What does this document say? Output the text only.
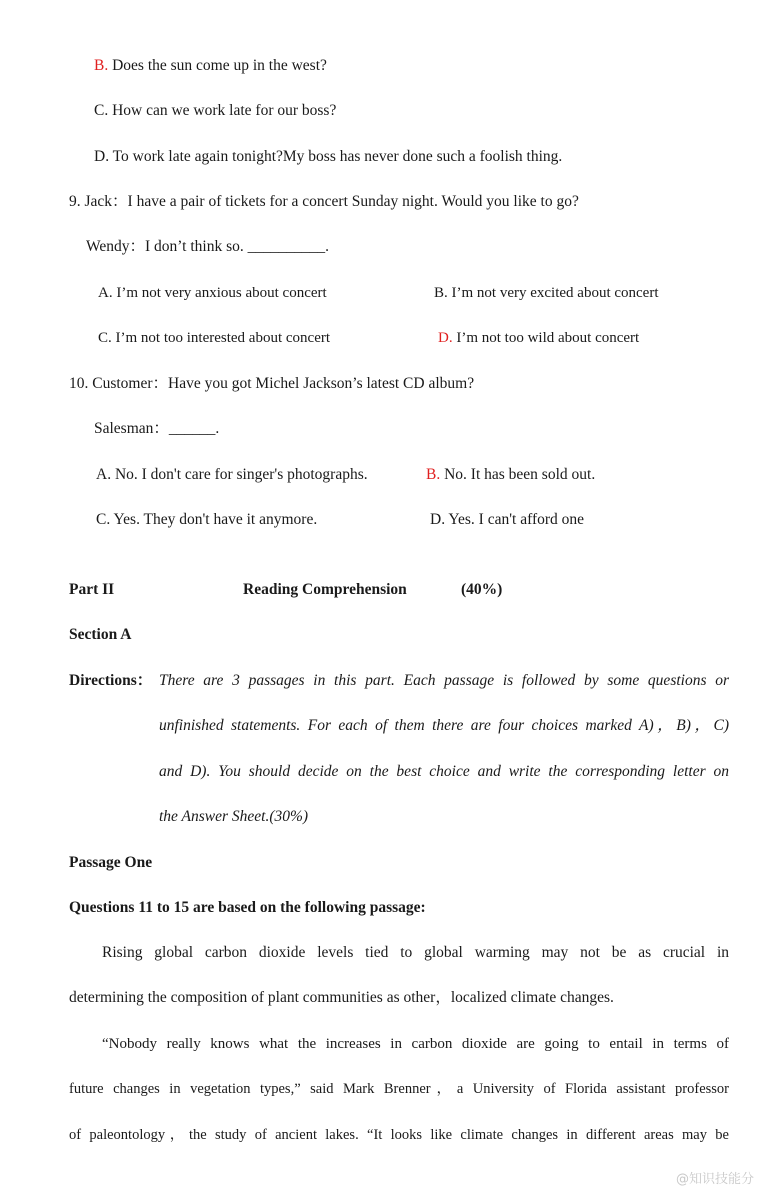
B. Does the sun come up in the west?
C. How can we work late for our boss?
D. To work late again tonight?My boss has never done such a foolish thing.
9. Jack：I have a pair of tickets for a concert Sunday night. Would you like to go?
Wendy：I don’t think so. __________.
A. I’m not very anxious about concert	B. I’m not very excited about concert
C. I’m not too interested about concert	D. I’m not too wild about concert
10. Customer：Have you got Michel Jackson’s latest CD album?
Salesman：______.
A. No. I don't care for singer's photographs.	B. No. It has been sold out.
C. Yes. They don't have it anymore.	D. Yes. I can't afford one
Part II	Reading Comprehension	(40%)
Section A
Directions： There are 3 passages in this part. Each passage is followed by some questions or
unfinished statements. For each of them there are four choices marked A)，B)，C)
and D). You should decide on the best choice and write the corresponding letter on
the Answer Sheet.(30%)
Passage One
Questions 11 to 15 are based on the following passage:
Rising global carbon dioxide levels tied to global warming may not be as crucial in
determining the composition of plant communities as other，localized climate changes.
“Nobody really knows what the increases in carbon dioxide are going to entail in terms of
future changes in vegetation types,” said Mark Brenner，a University of Florida assistant professor
of paleontology，the study of ancient lakes. “It looks like climate changes in different areas may be
@知识技能分
